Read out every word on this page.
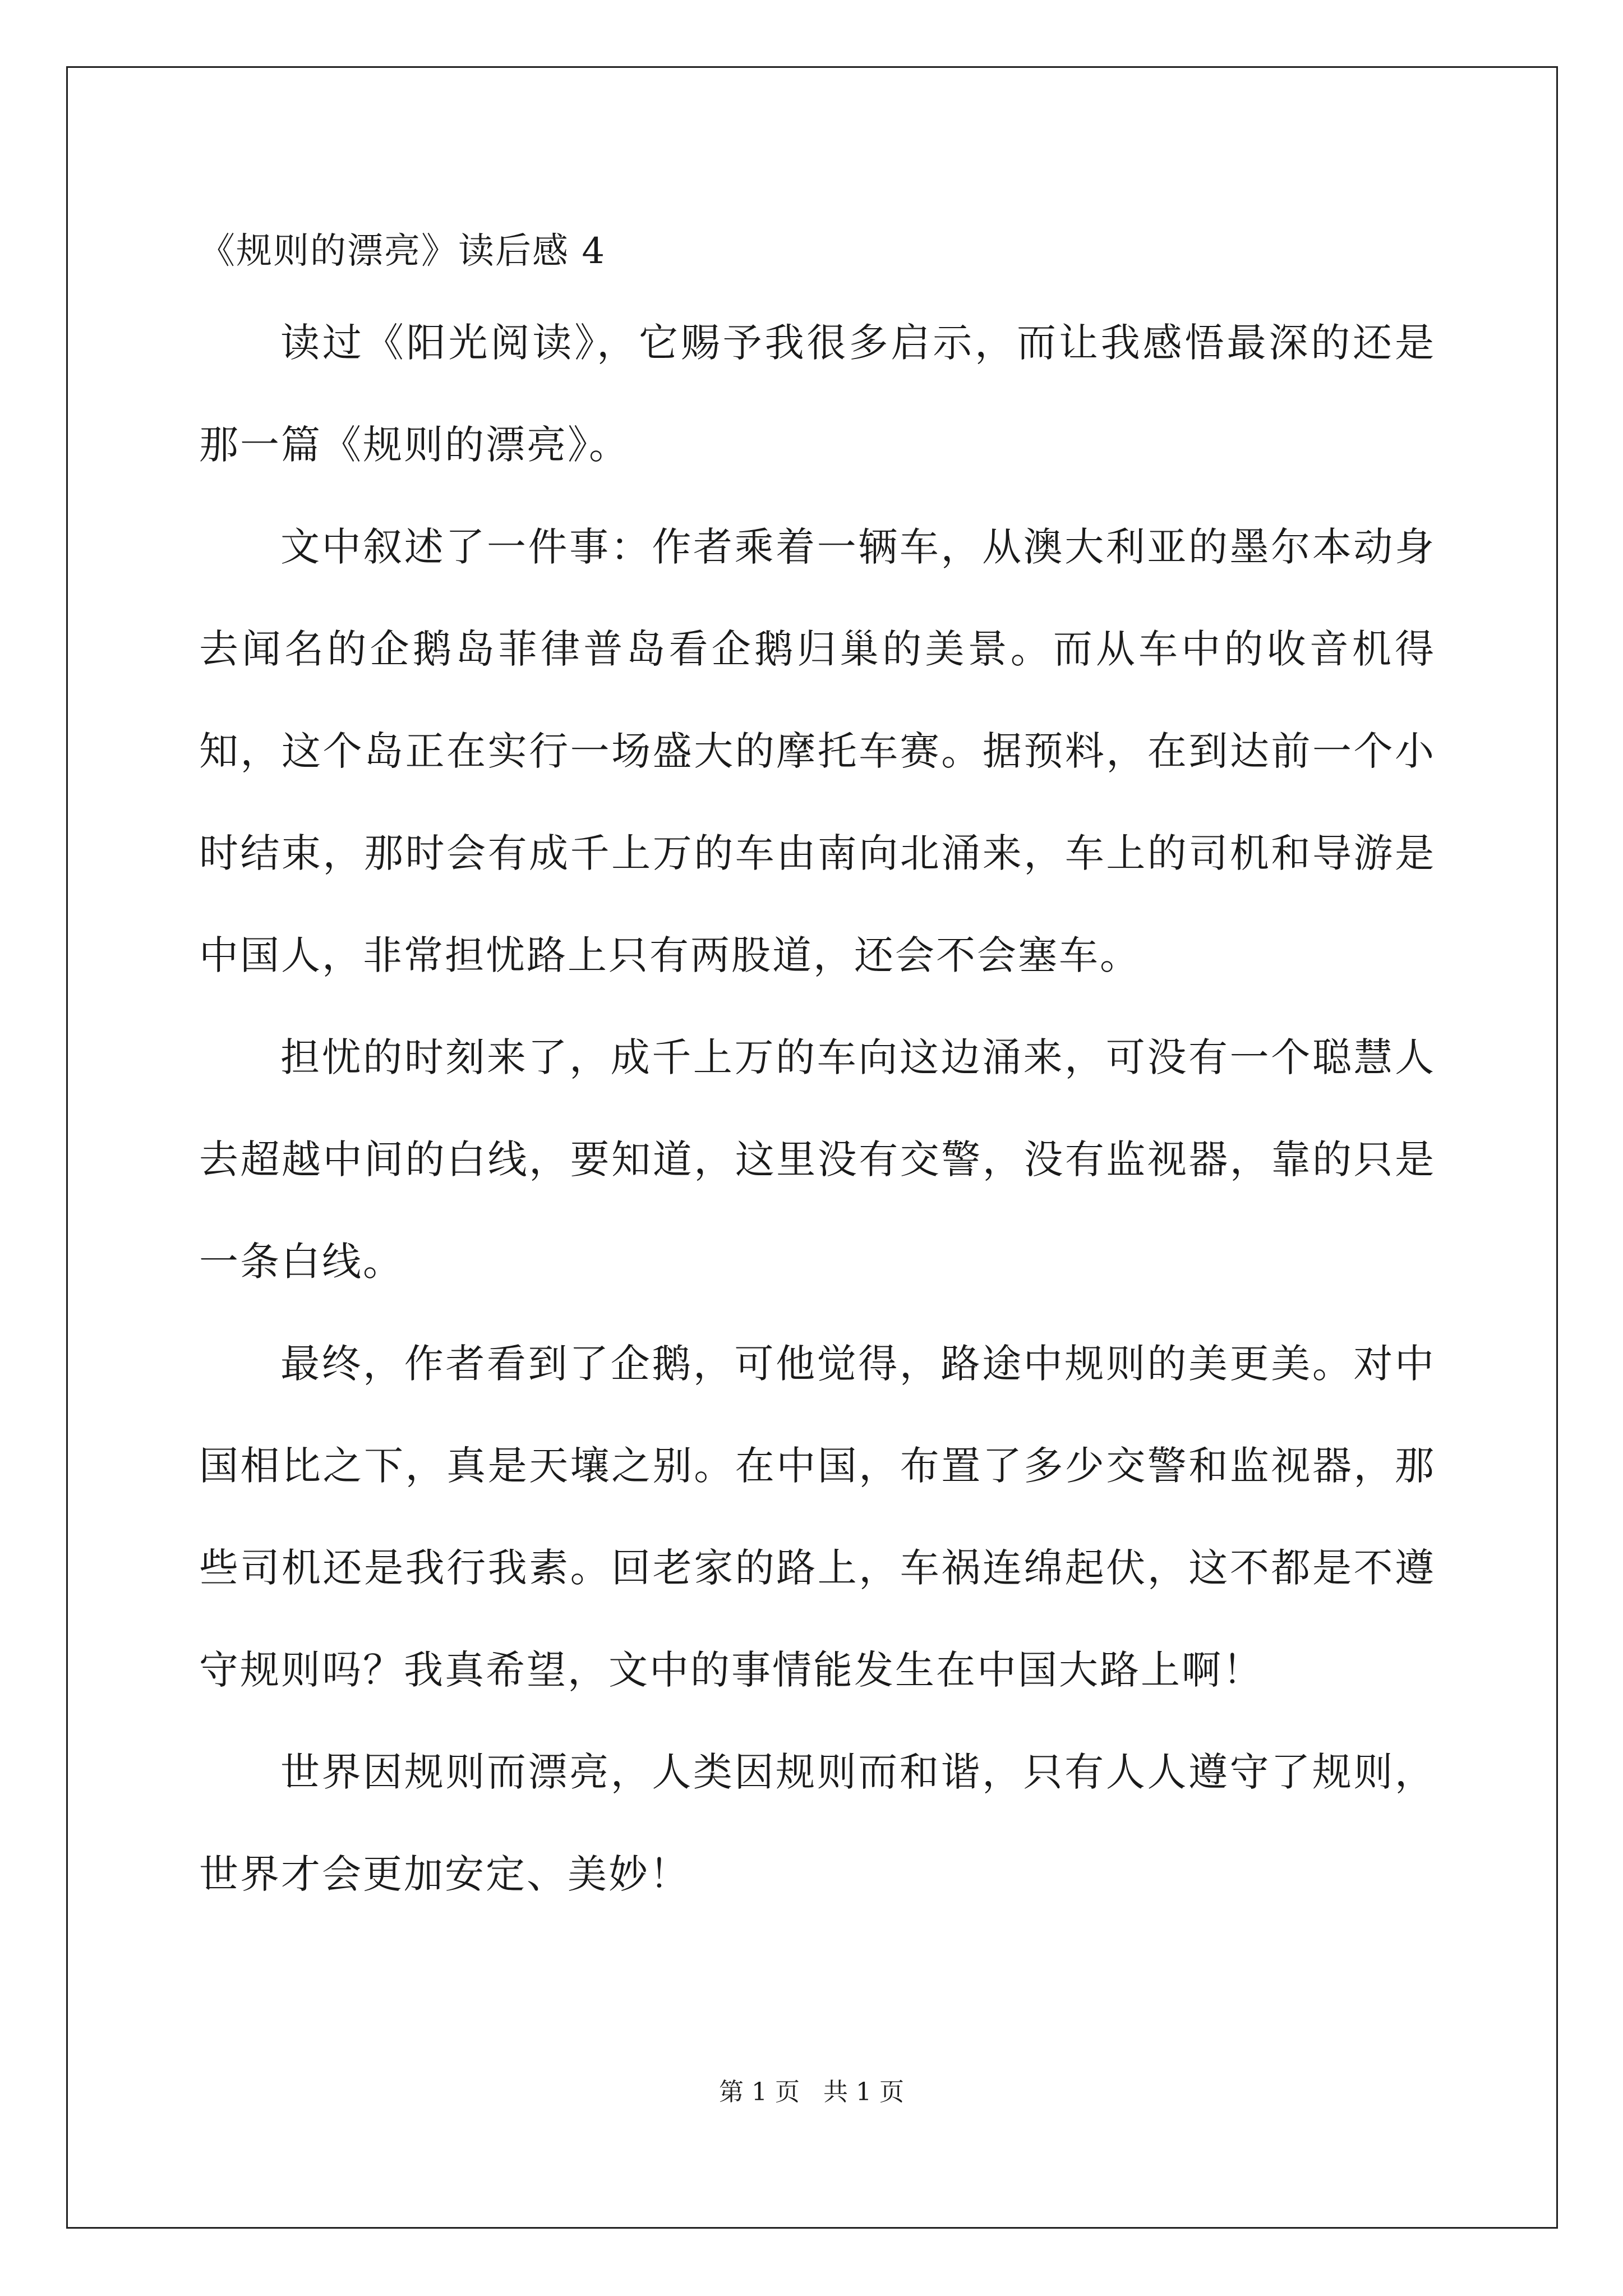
《规则的漂亮》读后感 4

读过《阳光阅读》，它赐予我很多启示，而让我感悟最深的还是那一篇《规则的漂亮》。

文中叙述了一件事：作者乘着一辆车，从澳大利亚的墨尔本动身去闻名的企鹅岛菲律普岛看企鹅归巢的美景。而从车中的收音机得知，这个岛正在实行一场盛大的摩托车赛。据预料，在到达前一个小时结束，那时会有成千上万的车由南向北涌来，车上的司机和导游是中国人，非常担忧路上只有两股道，还会不会塞车。

担忧的时刻来了，成千上万的车向这边涌来，可没有一个聪慧人去超越中间的白线，要知道，这里没有交警，没有监视器，靠的只是一条白线。

最终，作者看到了企鹅，可他觉得，路途中规则的美更美。对中国相比之下，真是天壤之别。在中国，布置了多少交警和监视器，那些司机还是我行我素。回老家的路上，车祸连绵起伏，这不都是不遵守规则吗？我真希望，文中的事情能发生在中国大路上啊！

世界因规则而漂亮，人类因规则而和谐，只有人人遵守了规则，世界才会更加安定、美妙！

第 1 页   共 1 页
